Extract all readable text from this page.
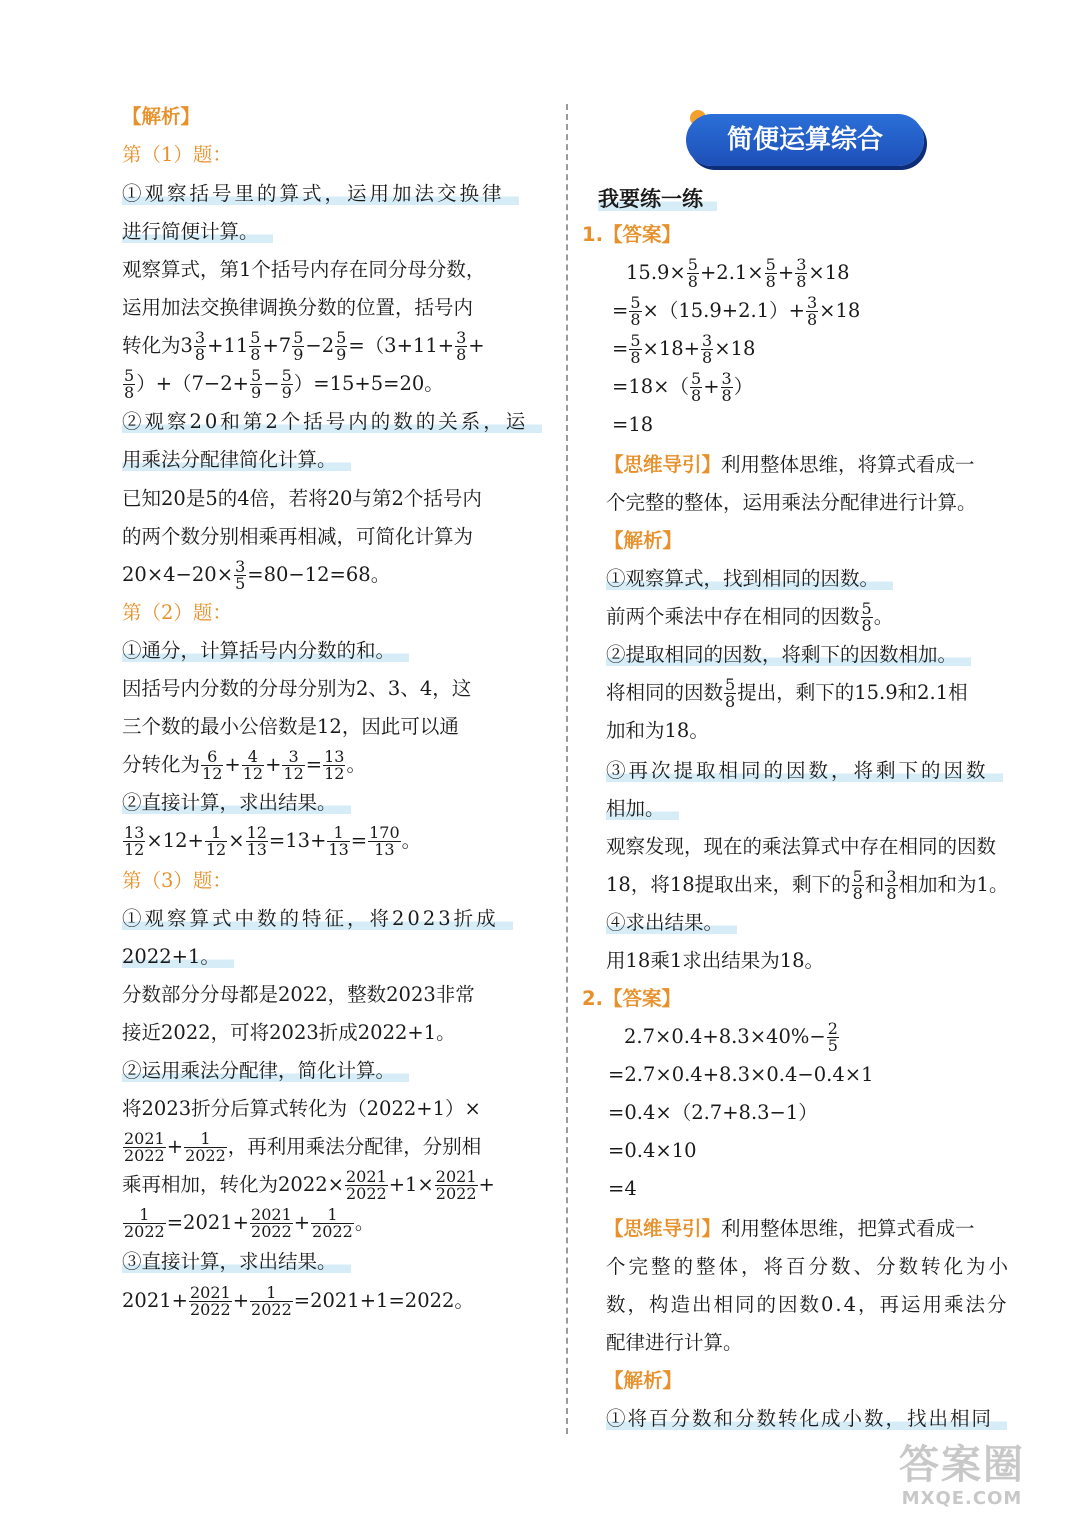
【解析】
第（1）题：
①观察括号里的算式，运用加法交换律
进行简便计算。
观察算式，第1个括号内存在同分母分数，
运用加法交换律调换分数的位置，括号内
转化为$3 \frac{3}{8} +11 \frac{5}{8} +7 \frac{5}{9} -2 \frac{5}{9} =(3+11+ \frac{3}{8}$ +
$\frac{5}{8} )+(7-2+ \frac{5}{9} - \frac{5}{9} )=15+5=20$。
②观察20和第2个括号内的数的关系，运
用乘法分配律简化计算。
已知20是5的4倍，若将20与第2个括号内
的两个数分别相乘再相减，可简化计算为
$20\times 4-20\times \frac{3}{5} =80-12=68$。
第（2）题：
①通分，计算括号内分数的和。
因括号内分数的分母分别为2、3、4，这
三个数的最小公倍数是12，因此可以通
分转化为 $\frac{6}{12} + \frac{4}{12} + \frac{3}{12} = \frac{13}{12}$ 。
②直接计算，求出结果。
$\frac{13}{12} \times 12+ \frac{1}{12} \times \frac{12}{13} =13+ \frac{1}{13} = \frac{170}{13}$ 。
第（3）题：
①观察算式中数的特征，将2023折成
2022+1。
分数部分分母都是2022，整数2023非常
接近2022，可将2023折成2022+1。
②运用乘法分配律，简化计算。
将2023折分后算式转化为（2022+1）×
$\frac{2021}{2022} + \frac{1}{2022}$ ，再利用乘法分配律，分别相
乘再相加，转化为$2022\times \frac{2021}{2022} +1\times \frac{2021}{2022}$ +
$\frac{1}{2022} =2021+ \frac{2021}{2022} + \frac{1}{2022}$ 。
③直接计算，求出结果。
$2021+ \frac{2021}{2022} + \frac{1}{2022} =2021+1=2022$。
简便运算综合
我要练一练
1.【答案】
$15.9\times \frac{5}{8} +2.1\times \frac{5}{8} + \frac{3}{8} \times 18$
= $\frac{5}{8} \times(15.9+2.1)+ \frac{3}{8} \times 18$
= $\frac{5}{8} \times 18+ \frac{3}{8} \times 18$
$=18\times( \frac{5}{8} + \frac{3}{8}$ ）
=18
【思维导引】利用整体思维，将算式看成一
个完整的整体，运用乘法分配律进行计算。
【解析】
①观察算式，找到相同的因数。
前两个乘法中存在相同的因数 $\frac{5}{8}$ 。
②提取相同的因数，将剩下的因数相加。
将相同的因数 $\frac{5}{8}$ 提出，剩下的15.9和2.1相
加和为18。
③再次提取相同的因数，将剩下的因数
相加。
观察发现，现在的乘法算式中存在相同的因数
18，将18提取出来，剩下的 $\frac{5}{8}$ 和 $\frac{3}{8}$ 相加和为1。
④求出结果。
用18乘1求出结果为18。
2.【答案】
$2.7\times 0.4+8.3\times 40\%- \frac{2}{5}$
=2.7×0.4+8.3×0.4−0.4×1
=0.4×（2.7+8.3−1）
=0.4×10
=4
【思维导引】利用整体思维，把算式看成一
个完整的整体，将百分数、分数转化为小
数，构造出相同的因数0.4，再运用乘法分
配律进行计算。
【解析】
①将百分数和分数转化成小数，找出相同
答案圈
MXQE.COM
